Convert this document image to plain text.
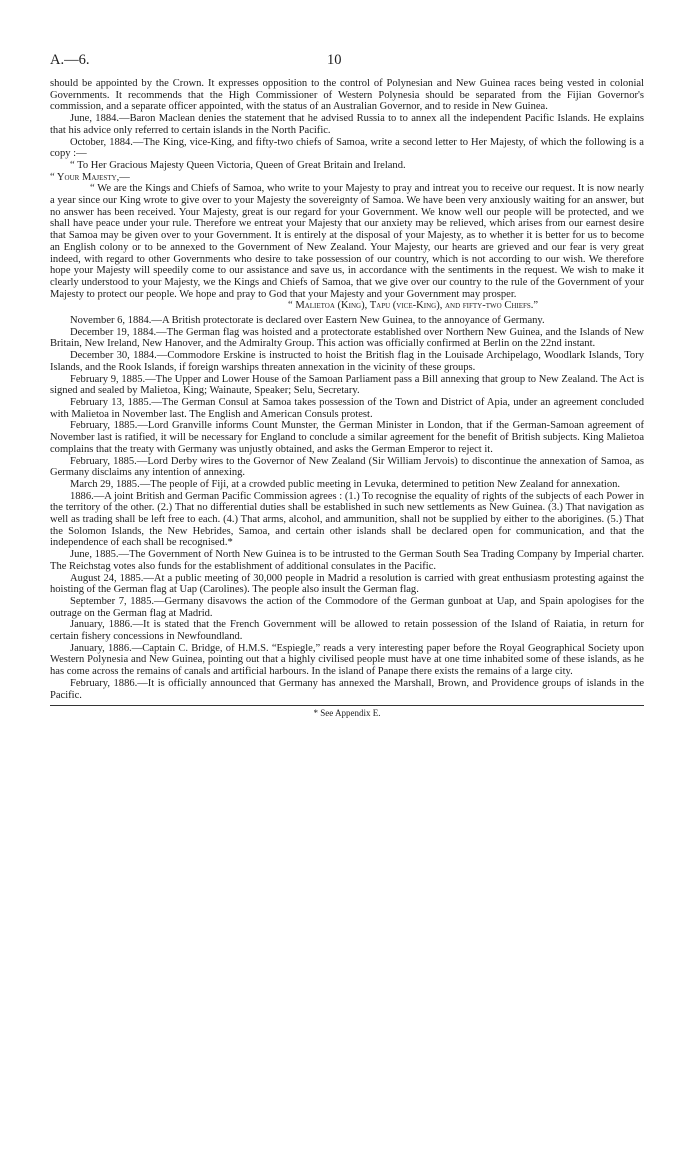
A.—6.	10
should be appointed by the Crown. It expresses opposition to the control of Polynesian and New Guinea races being vested in colonial Governments. It recommends that the High Commissioner of Western Polynesia should be separated from the Fijian Governor's commission, and a separate officer appointed, with the status of an Australian Governor, and to reside in New Guinea.
June, 1884.—Baron Maclean denies the statement that he advised Russia to to annex all the independent Pacific Islands. He explains that his advice only referred to certain islands in the North Pacific.
October, 1884.—The King, vice-King, and fifty-two chiefs of Samoa, write a second letter to Her Majesty, of which the following is a copy :—
“ To Her Gracious Majesty Queen Victoria, Queen of Great Britain and Ireland.
“ Your Majesty,—
“ We are the Kings and Chiefs of Samoa, who write to your Majesty to pray and intreat you to receive our request. It is now nearly a year since our King wrote to give over to your Majesty the sovereignty of Samoa. We have been very anxiously waiting for an answer, but no answer has been received. Your Majesty, great is our regard for your Government. We know well our people will be protected, and we shall have peace under your rule. Therefore we entreat your Majesty that our anxiety may be relieved, which arises from our earnest desire that Samoa may be given over to your Government. It is entirely at the disposal of your Majesty, as to whether it is better for us to become an English colony or to be annexed to the Government of New Zealand. Your Majesty, our hearts are grieved and our fear is very great indeed, with regard to other Governments who desire to take possession of our country, which is not according to our wish. We therefore hope your Majesty will speedily come to our assistance and save us, in accordance with the sentiments in the request. We wish to make it clearly understood to your Majesty, we the Kings and Chiefs of Samoa, that we give over our country to the rule of the Government of your Majesty to protect our people. We hope and pray to God that your Majesty and your Government may prosper.
“ Malietoa (King), Tapu (vice-King), and fifty-two Chiefs.”
November 6, 1884.—A British protectorate is declared over Eastern New Guinea, to the annoyance of Germany.
December 19, 1884.—The German flag was hoisted and a protectorate established over Northern New Guinea, and the Islands of New Britain, New Ireland, New Hanover, and the Admiralty Group. This action was officially confirmed at Berlin on the 22nd instant.
December 30, 1884.—Commodore Erskine is instructed to hoist the British flag in the Louisade Archipelago, Woodlark Islands, Tory Islands, and the Rook Islands, if foreign warships threaten annexation in the vicinity of these groups.
February 9, 1885.—The Upper and Lower House of the Samoan Parliament pass a Bill annexing that group to New Zealand. The Act is signed and sealed by Malietoa, King; Wainaute, Speaker; Selu, Secretary.
February 13, 1885.—The German Consul at Samoa takes possession of the Town and District of Apia, under an agreement concluded with Malietoa in November last. The English and American Consuls protest.
February, 1885.—Lord Granville informs Count Munster, the German Minister in London, that if the German-Samoan agreement of November last is ratified, it will be necessary for England to conclude a similar agreement for the benefit of British subjects. King Malietoa complains that the treaty with Germany was unjustly obtained, and asks the German Emperor to reject it.
February, 1885.—Lord Derby wires to the Governor of New Zealand (Sir William Jervois) to discontinue the annexation of Samoa, as Germany disclaims any intention of annexing.
March 29, 1885.—The people of Fiji, at a crowded public meeting in Levuka, determined to petition New Zealand for annexation.
1886.—A joint British and German Pacific Commission agrees : (1.) To recognise the equality of rights of the subjects of each Power in the territory of the other. (2.) That no differential duties shall be established in such new settlements as New Guinea. (3.) That navigation as well as trading shall be left free to each. (4.) That arms, alcohol, and ammunition, shall not be supplied by either to the aborigines. (5.) That the Solomon Islands, the New Hebrides, Samoa, and certain other islands shall be declared open for communication, and that the independence of each shall be recognised.*
June, 1885.—The Government of North New Guinea is to be intrusted to the German South Sea Trading Company by Imperial charter. The Reichstag votes also funds for the establishment of additional consulates in the Pacific.
August 24, 1885.—At a public meeting of 30,000 people in Madrid a resolution is carried with great enthusiasm protesting against the hoisting of the German flag at Uap (Carolines). The people also insult the German flag.
September 7, 1885.—Germany disavows the action of the Commodore of the German gunboat at Uap, and Spain apologises for the outrage on the German flag at Madrid.
January, 1886.—It is stated that the French Government will be allowed to retain possession of the Island of Raiatia, in return for certain fishery concessions in Newfoundland.
January, 1886.—Captain C. Bridge, of H.M.S. “Espiegle,” reads a very interesting paper before the Royal Geographical Society upon Western Polynesia and New Guinea, pointing out that a highly civilised people must have at one time inhabited some of these islands, as he has come across the remains of canals and artificial harbours. In the island of Panape there exists the remains of a large city.
February, 1886.—It is officially announced that Germany has annexed the Marshall, Brown, and Providence groups of islands in the Pacific.
* See Appendix E.
